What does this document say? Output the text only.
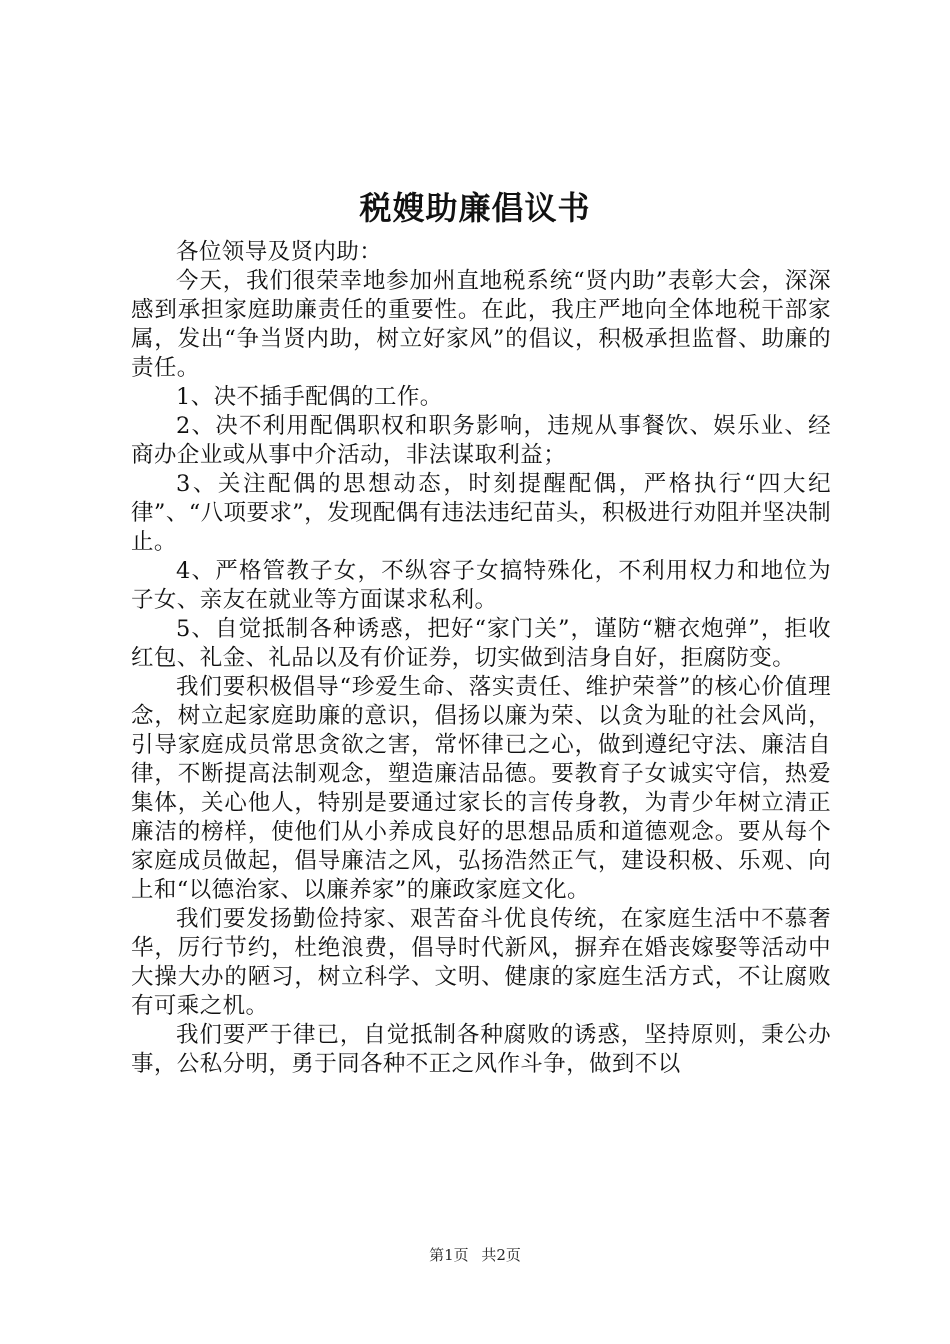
税嫂助廉倡议书

各位领导及贤内助：

今天，我们很荣幸地参加州直地税系统“贤内助”表彰大会，深深感到承担家庭助廉责任的重要性。在此，我庄严地向全体地税干部家属，发出“争当贤内助，树立好家风”的倡议，积极承担监督、助廉的责任。

1、决不插手配偶的工作。

2、决不利用配偶职权和职务影响，违规从事餐饮、娱乐业、经商办企业或从事中介活动，非法谋取利益；

3、关注配偶的思想动态，时刻提醒配偶，严格执行“四大纪律”、“八项要求”，发现配偶有违法违纪苗头，积极进行劝阻并坚决制止。

4、严格管教子女，不纵容子女搞特殊化，不利用权力和地位为子女、亲友在就业等方面谋求私利。

5、自觉抵制各种诱惑，把好“家门关”，谨防“糖衣炮弹”，拒收红包、礼金、礼品以及有价证券，切实做到洁身自好，拒腐防变。

我们要积极倡导“珍爱生命、落实责任、维护荣誉”的核心价值理念，树立起家庭助廉的意识，倡扬以廉为荣、以贪为耻的社会风尚，引导家庭成员常思贪欲之害，常怀律已之心，做到遵纪守法、廉洁自律，不断提高法制观念，塑造廉洁品德。要教育子女诚实守信，热爱集体，关心他人，特别是要通过家长的言传身教，为青少年树立清正廉洁的榜样，使他们从小养成良好的思想品质和道德观念。要从每个家庭成员做起，倡导廉洁之风，弘扬浩然正气，建设积极、乐观、向上和“以德治家、以廉养家”的廉政家庭文化。

我们要发扬勤俭持家、艰苦奋斗优良传统，在家庭生活中不慕奢华，厉行节约，杜绝浪费，倡导时代新风，摒弃在婚丧嫁娶等活动中大操大办的陋习，树立科学、文明、健康的家庭生活方式，不让腐败有可乘之机。

我们要严于律已，自觉抵制各种腐败的诱惑，坚持原则，秉公办事，公私分明，勇于同各种不正之风作斗争，做到不以

第1页 共2页
